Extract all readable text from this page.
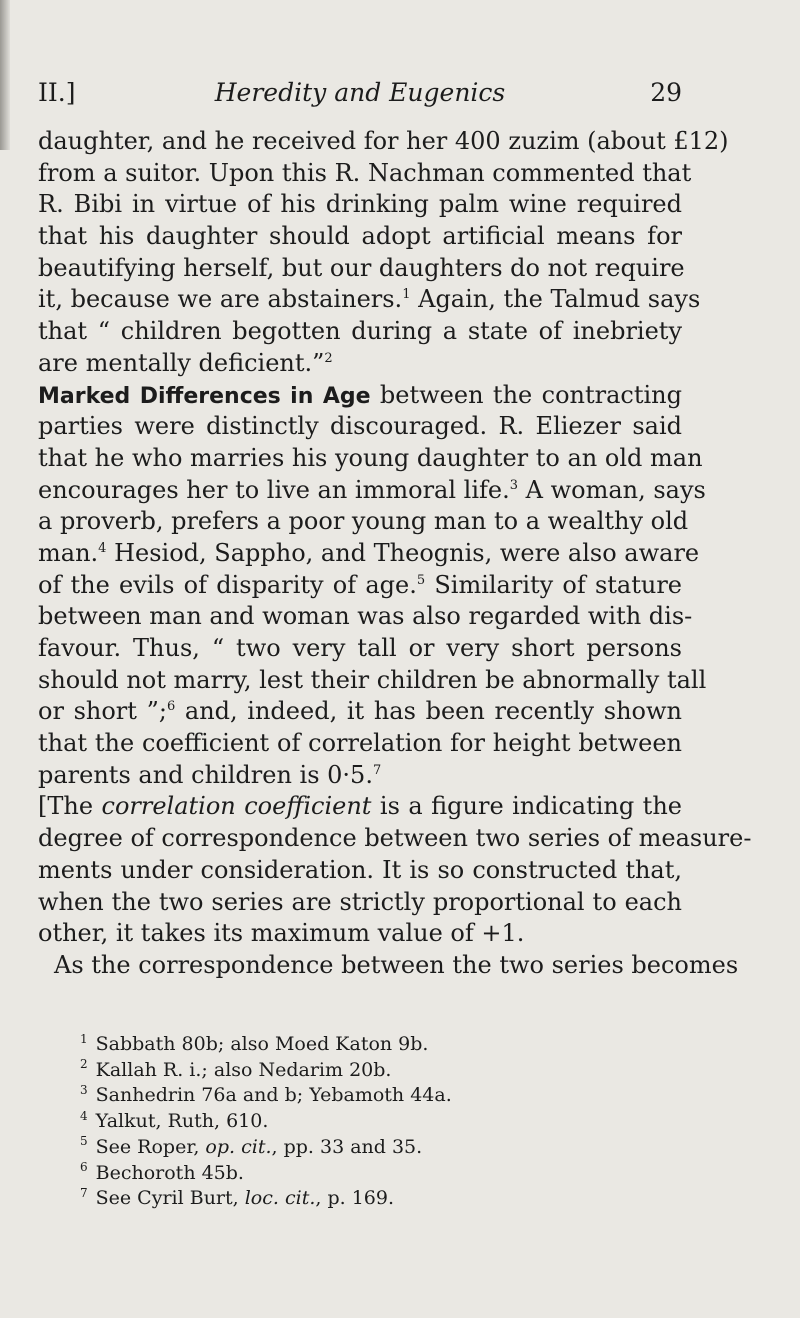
II.]	Heredity and Eugenics	29
daughter, and he received for her 400 zuzim (about £12)
from a suitor. Upon this R. Nachman commented that
R. Bibi in virtue of his drinking palm wine required
that his daughter should adopt artificial means for
beautifying herself, but our daughters do not require
it, because we are abstainers.$^1$ Again, the Talmud says
that “ children begotten during a state of inebriety
are mentally deficient.”$^2$
Marked Differences in Age between the contracting
parties were distinctly discouraged. R. Eliezer said
that he who marries his young daughter to an old man
encourages her to live an immoral life.$^3$ A woman, says
a proverb, prefers a poor young man to a wealthy old
man.$^4$ Hesiod, Sappho, and Theognis, were also aware
of the evils of disparity of age.$^5$ Similarity of stature
between man and woman was also regarded with dis-
favour. Thus, “ two very tall or very short persons
should not marry, lest their children be abnormally tall
or short ”;$^6$ and, indeed, it has been recently shown
that the coefficient of correlation for height between
parents and children is 0·5.$^7$
[The correlation coefficient is a figure indicating the
degree of correspondence between two series of measure-
ments under consideration. It is so constructed that,
when the two series are strictly proportional to each
other, it takes its maximum value of +1.
As the correspondence between the two series becomes
$^1$ Sabbath 80b; also Moed Katon 9b.
$^2$ Kallah R. i.; also Nedarim 20b.
$^3$ Sanhedrin 76a and b; Yebamoth 44a.
$^4$ Yalkut, Ruth, 610.
$^5$ See Roper, op. cit., pp. 33 and 35.
$^6$ Bechoroth 45b.
$^7$ See Cyril Burt, loc. cit., p. 169.
